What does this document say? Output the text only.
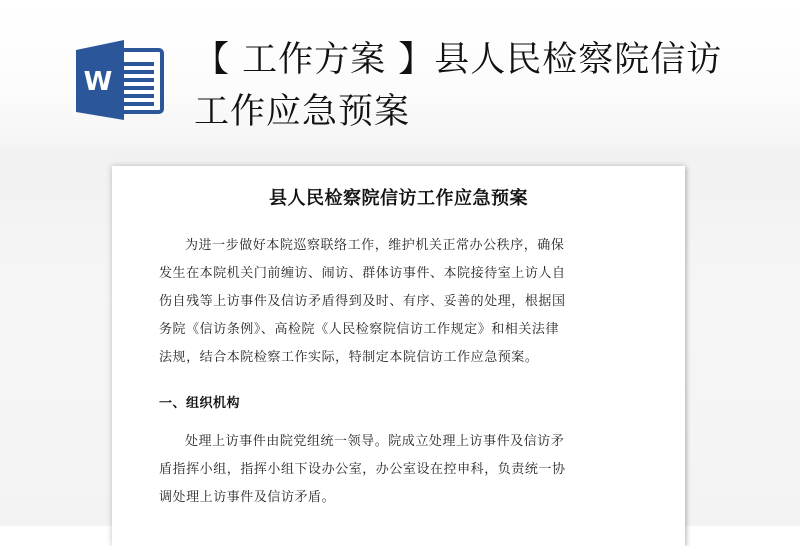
W
【 工作方案 】县人民检察院信访
工作应急预案
县人民检察院信访工作应急预案

为进一步做好本院巡察联络工作，维护机关正常办公秩序，确保
发生在本院机关门前缠访、闹访、群体访事件、本院接待室上访人自
伤自残等上访事件及信访矛盾得到及时、有序、妥善的处理，根据国
务院《信访条例》、高检院《人民检察院信访工作规定》和相关法律
法规，结合本院检察工作实际，特制定本院信访工作应急预案。

一、组织机构

处理上访事件由院党组统一领导。院成立处理上访事件及信访矛
盾指挥小组，指挥小组下设办公室，办公室设在控申科，负责统一协
调处理上访事件及信访矛盾。
